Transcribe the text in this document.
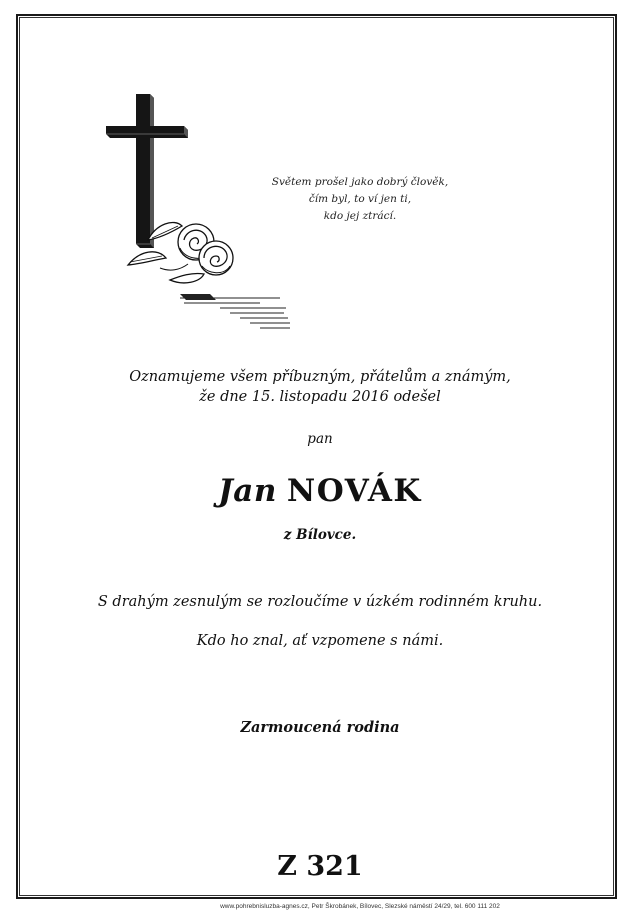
Světem prošel jako dobrý člověk,
čím byl, to ví jen ti,
kdo jej ztrácí.
Oznamujeme všem příbuzným, přátelům a známým,
že dne 15. listopadu 2016 odešel
pan
Jan NOVÁK
z Bílovce.
S drahým zesnulým se rozloučíme v úzkém rodinném kruhu.
Kdo ho znal, ať vzpomene s námi.
Zarmoucená rodina
Z 321
www.pohrebnisluzba-agnes.cz, Petr Škrobánek, Bílovec, Slezské náměstí 24/29, tel. 600 111 202
